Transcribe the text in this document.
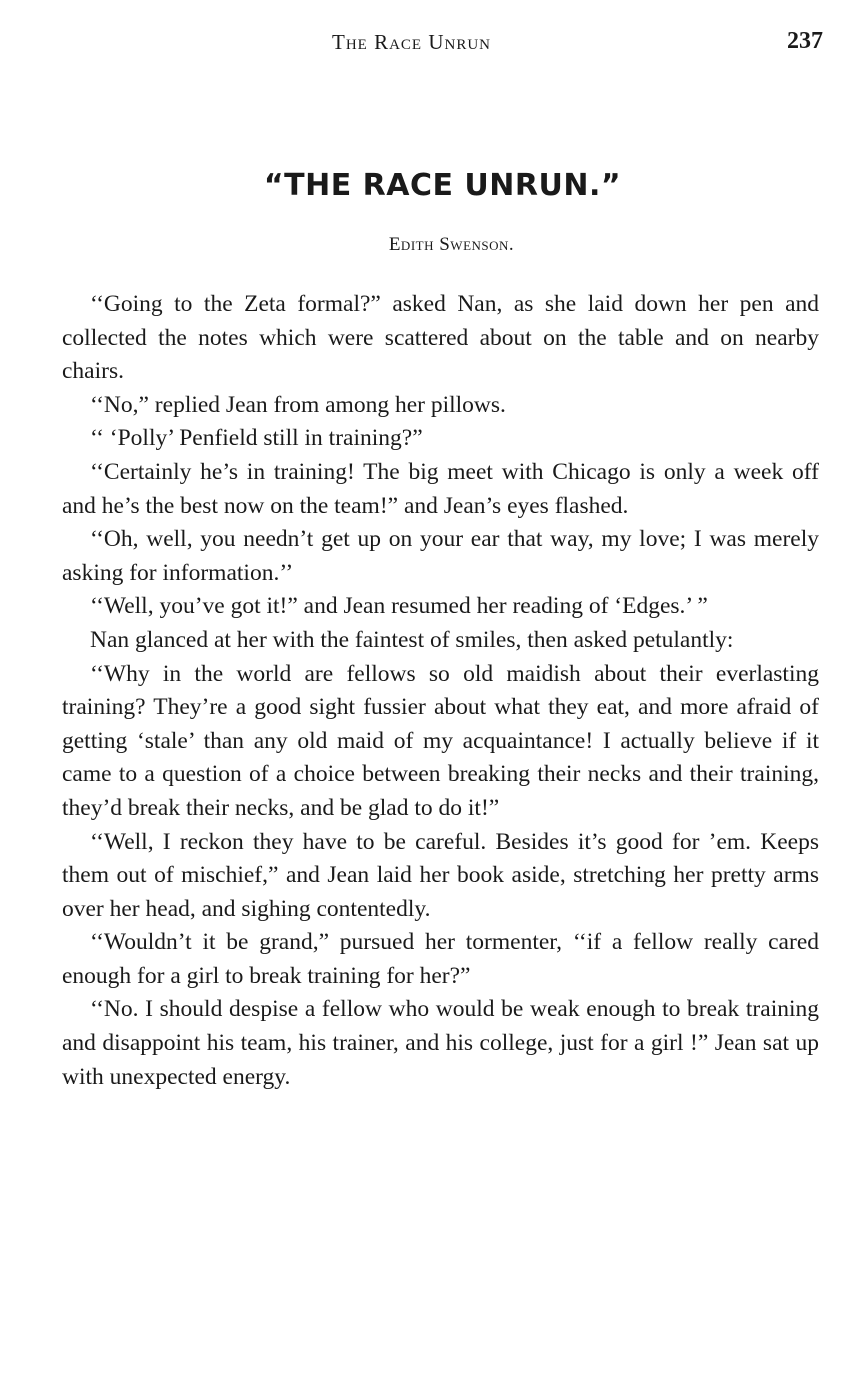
The Race Unrun	237
“THE RACE UNRUN.”
Edith Swenson.

‘‘Going to the Zeta formal?” asked Nan, as she laid down her pen and collected the notes which were scattered about on the table and on nearby chairs.

‘‘No,” replied Jean from among her pillows.

‘‘ ‘Polly’ Penfield still in training?”

‘‘Certainly he’s in training! The big meet with Chicago is only a week off and he’s the best now on the team!” and Jean’s eyes flashed.

‘‘Oh, well, you needn’t get up on your ear that way, my love; I was merely asking for information.’’

‘‘Well, you’ve got it!” and Jean resumed her reading of ‘Edges.’ ”

Nan glanced at her with the faintest of smiles, then asked petulantly:

‘‘Why in the world are fellows so old maidish about their everlasting training? They’re a good sight fussier about what they eat, and more afraid of getting ‘stale’ than any old maid of my acquaintance! I actually believe if it came to a question of a choice between breaking their necks and their training, they’d break their necks, and be glad to do it!”

‘‘Well, I reckon they have to be careful. Besides it’s good for ’em. Keeps them out of mischief,” and Jean laid her book aside, stretching her pretty arms over her head, and sighing contentedly.

‘‘Wouldn’t it be grand,” pursued her tormenter, ‘‘if a fellow really cared enough for a girl to break training for her?”

‘‘No. I should despise a fellow who would be weak enough to break training and disappoint his team, his trainer, and his college, just for a girl !” Jean sat up with unexpected energy.
